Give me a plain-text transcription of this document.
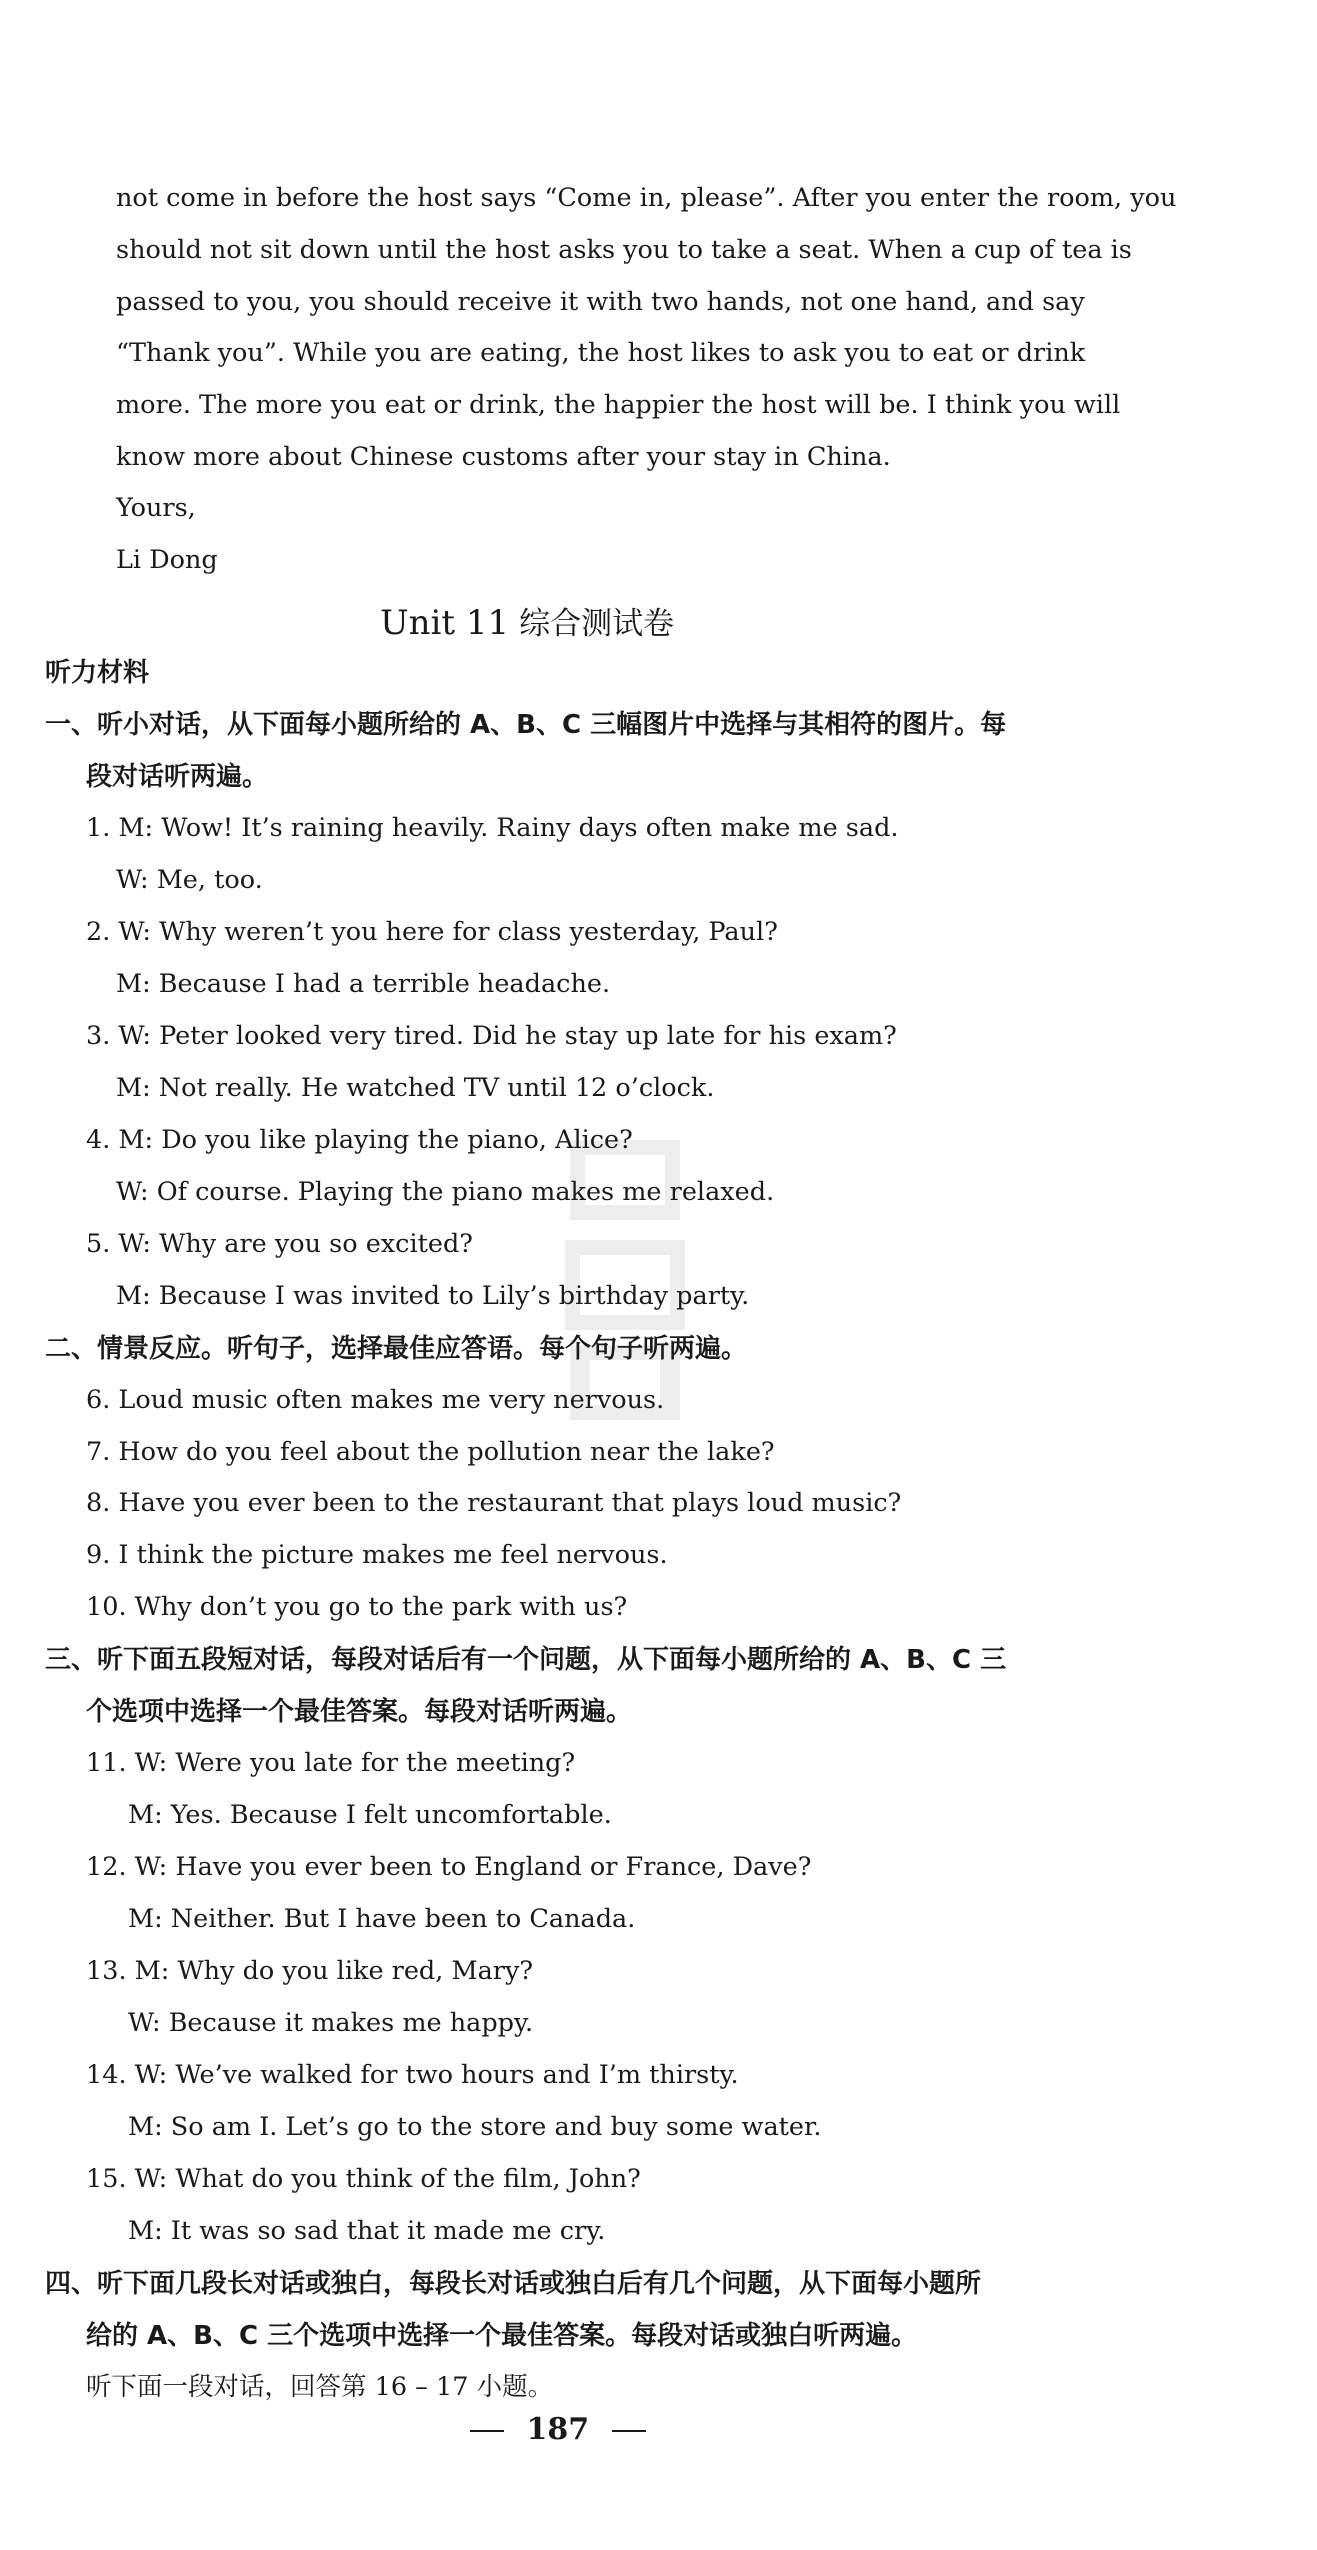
not come in before the host says “Come in, please”. After you enter the room, you
should not sit down until the host asks you to take a seat. When a cup of tea is
passed to you, you should receive it with two hands, not one hand, and say
“Thank you”. While you are eating, the host likes to ask you to eat or drink
more. The more you eat or drink, the happier the host will be. I think you will
know more about Chinese customs after your stay in China.
Yours,
Li Dong
Unit 11 综合测试卷
听力材料
一、听小对话，从下面每小题所给的 A、B、C 三幅图片中选择与其相符的图片。每
段对话听两遍。
1. M: Wow! It’s raining heavily. Rainy days often make me sad.
W: Me, too.
2. W: Why weren’t you here for class yesterday, Paul?
M: Because I had a terrible headache.
3. W: Peter looked very tired. Did he stay up late for his exam?
M: Not really. He watched TV until 12 o’clock.
4. M: Do you like playing the piano, Alice?
W: Of course. Playing the piano makes me relaxed.
5. W: Why are you so excited?
M: Because I was invited to Lily’s birthday party.
二、情景反应。听句子，选择最佳应答语。每个句子听两遍。
6. Loud music often makes me very nervous.
7. How do you feel about the pollution near the lake?
8. Have you ever been to the restaurant that plays loud music?
9. I think the picture makes me feel nervous.
10. Why don’t you go to the park with us?
三、听下面五段短对话，每段对话后有一个问题，从下面每小题所给的 A、B、C 三
个选项中选择一个最佳答案。每段对话听两遍。
11. W: Were you late for the meeting?
M: Yes. Because I felt uncomfortable.
12. W: Have you ever been to England or France, Dave?
M: Neither. But I have been to Canada.
13. M: Why do you like red, Mary?
W: Because it makes me happy.
14. W: We’ve walked for two hours and I’m thirsty.
M: So am I. Let’s go to the store and buy some water.
15. W: What do you think of the film, John?
M: It was so sad that it made me cry.
四、听下面几段长对话或独白，每段长对话或独白后有几个问题，从下面每小题所
给的 A、B、C 三个选项中选择一个最佳答案。每段对话或独白听两遍。
听下面一段对话，回答第 16 – 17 小题。
187
